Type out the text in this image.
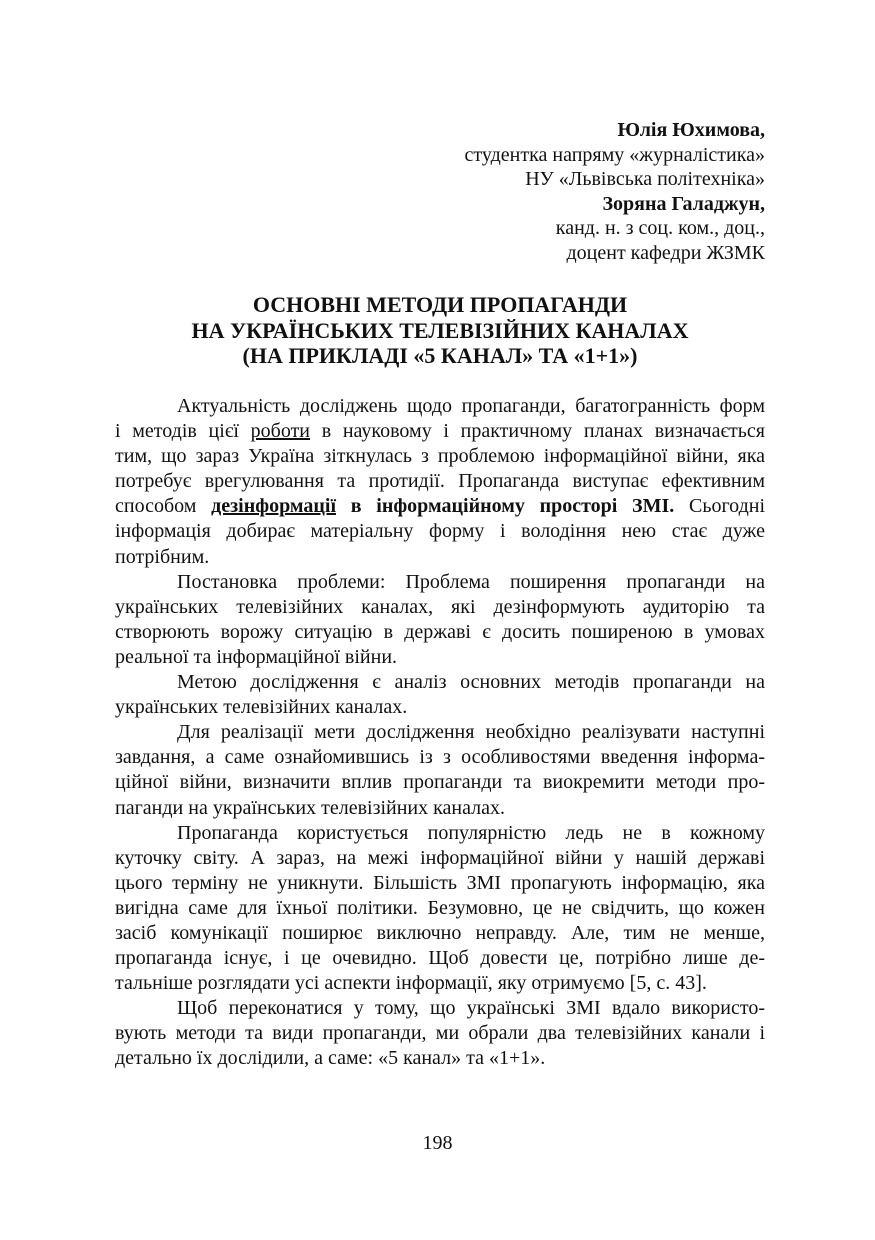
Юлія Юхимова,
студентка напряму «журналістика»
НУ «Львівська політехніка»
Зоряна Галаджун,
канд. н. з соц. ком., доц.,
доцент кафедри ЖЗМК
ОСНОВНІ МЕТОДИ ПРОПАГАНДИ
НА УКРАЇНСЬКИХ ТЕЛЕВІЗІЙНИХ КАНАЛАХ
(НА ПРИКЛАДІ «5 КАНАЛ» ТА «1+1»)
Актуальність досліджень щодо пропаганди, багатогранність форм
і методів цієї роботи в науковому і практичному планах визначається
тим, що зараз Україна зіткнулась з проблемою інформаційної війни, яка
потребує врегулювання та протидії. Пропаганда виступає ефективним
способом дезінформації в інформаційному просторі ЗМІ. Сьогодні
інформація добирає матеріальну форму і володіння нею стає дуже
потрібним.
Постановка проблеми: Проблема поширення пропаганди на
українських телевізійних каналах, які дезінформують аудиторію та
створюють ворожу ситуацію в державі є досить поширеною в умовах
реальної та інформаційної війни.
Метою дослідження є аналіз основних методів пропаганди на
українських телевізійних каналах.
Для реалізації мети дослідження необхідно реалізувати наступні
завдання, а саме ознайомившись із з особливостями введення інформа-
ційної війни, визначити вплив пропаганди та виокремити методи про-
паганди на українських телевізійних каналах.
Пропаганда користується популярністю ледь не в кожному
куточку світу. А зараз, на межі інформаційної війни у нашій державі
цього терміну не уникнути. Більшість ЗМІ пропагують інформацію, яка
вигідна саме для їхньої політики. Безумовно, це не свідчить, що кожен
засіб комунікації поширює виключно неправду. Але, тим не менше,
пропаганда існує, і це очевидно. Щоб довести це, потрібно лише де-
тальніше розглядати усі аспекти інформації, яку отримуємо [5, с. 43].
Щоб переконатися у тому, що українські ЗМІ вдало використо-
вують методи та види пропаганди, ми обрали два телевізійних канали і
детально їх дослідили, а саме: «5 канал» та «1+1».
198
